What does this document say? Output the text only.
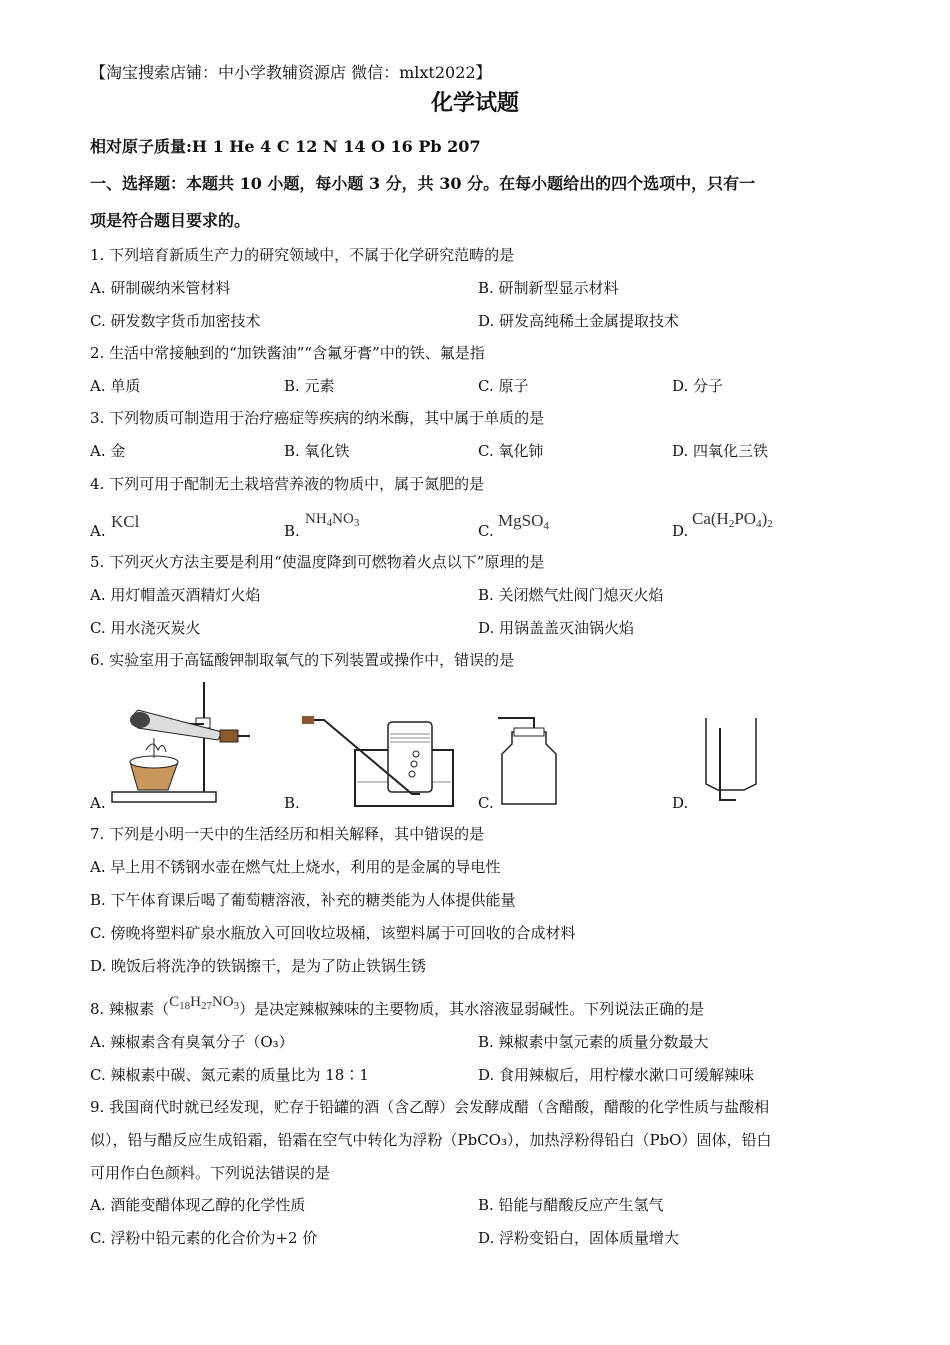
【淘宝搜索店铺：中小学教辅资源店 微信：mlxt2022】
化学试题
相对原子质量:H 1 He 4 C 12 N 14 O 16 Pb 207
一、选择题：本题共 10 小题，每小题 3 分，共 30 分。在每小题给出的四个选项中，只有一
项是符合题目要求的。
1. 下列培育新质生产力的研究领域中，不属于化学研究范畴的是
A. 研制碳纳米管材料	B. 研制新型显示材料
C. 研发数字货币加密技术	D. 研发高纯稀土金属提取技术
2. 生活中常接触到的“加铁酱油”“含氟牙膏”中的铁、氟是指
A. 单质	B. 元素	C. 原子	D. 分子
3. 下列物质可制造用于治疗癌症等疾病的纳米酶，其中属于单质的是
A. 金	B. 氧化铁	C. 氧化铈	D. 四氧化三铁
4. 下列可用于配制无土栽培营养液的物质中，属于氮肥的是
A. KCl	B.
$NH_4NO_3$	C.
MgSO$_4$	D.
$Ca(H_2PO_4)_2$
5. 下列灭火方法主要是利用“使温度降到可燃物着火点以下”原理的是
A. 用灯帽盖灭酒精灯火焰	B. 关闭燃气灶阀门熄灭火焰
C. 用水浇灭炭火	D. 用锅盖盖灭油锅火焰
6. 实验室用于高锰酸钾制取氧气的下列装置或操作中，错误的是
A.	B.	C.	D.
7. 下列是小明一天中的生活经历和相关解释，其中错误的是
A. 早上用不锈钢水壶在燃气灶上烧水，利用的是金属的导电性
B. 下午体育课后喝了葡萄糖溶液，补充的糖类能为人体提供能量
C. 傍晚将塑料矿泉水瓶放入可回收垃圾桶，该塑料属于可回收的合成材料
D. 晚饭后将洗净的铁锅擦干，是为了防止铁锅生锈
8. 辣椒素$(C_{18}H_{27}NO_3)$是决定辣椒辣味的主要物质，其水溶液显弱碱性。下列说法正确的是
A. 辣椒素含有臭氧分子（O₃）	B. 辣椒素中氢元素的质量分数最大
C. 辣椒素中碳、氮元素的质量比为 18∶1	D. 食用辣椒后，用柠檬水漱口可缓解辣味
9. 我国商代时就已经发现，贮存于铅罐的酒（含乙醇）会发酵成醋（含醋酸，醋酸的化学性质与盐酸相
似），铅与醋反应生成铅霜，铅霜在空气中转化为浮粉（PbCO₃），加热浮粉得铅白（PbO）固体，铅白
可用作白色颜料。下列说法错误的是
A. 酒能变醋体现乙醇的化学性质	B. 铅能与醋酸反应产生氢气
C. 浮粉中铅元素的化合价为+2 价	D. 浮粉变铅白，固体质量增大
